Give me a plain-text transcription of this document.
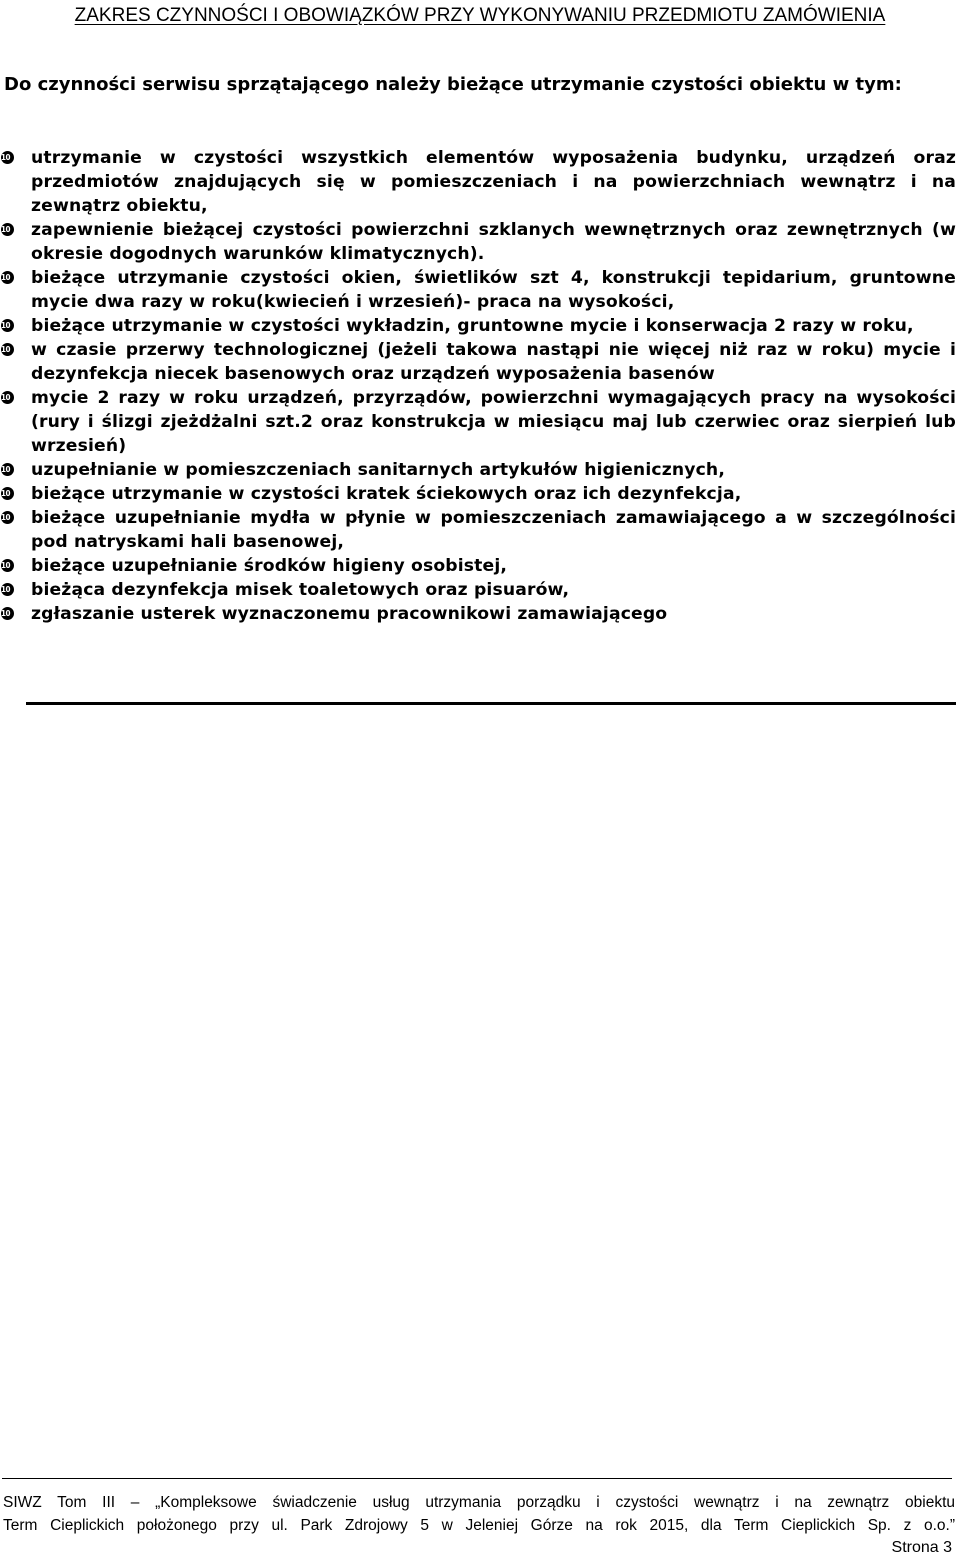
ZAKRES CZYNNOŚCI I OBOWIĄZKÓW PRZY WYKONYWANIU PRZEDMIOTU ZAMÓWIENIA
Do czynności serwisu sprzątającego należy bieżące utrzymanie czystości obiektu w tym:
10 utrzymanie w czystości wszystkich elementów wyposażenia budynku, urządzeń oraz przedmiotów znajdujących się w pomieszczeniach i na powierzchniach wewnątrz i na zewnątrz obiektu,
10 zapewnienie bieżącej czystości powierzchni szklanych wewnętrznych oraz zewnętrznych (w okresie dogodnych warunków klimatycznych).
10 bieżące utrzymanie czystości okien, świetlików szt 4, konstrukcji tepidarium, gruntowne mycie dwa razy w roku(kwiecień i wrzesień)- praca na wysokości,
10 bieżące utrzymanie w czystości wykładzin, gruntowne mycie i konserwacja 2 razy w roku,
10 w czasie przerwy technologicznej (jeżeli takowa nastąpi nie więcej niż raz w roku) mycie i dezynfekcja niecek basenowych oraz urządzeń wyposażenia basenów
10 mycie 2 razy w roku urządzeń, przyrządów, powierzchni wymagających pracy na wysokości (rury i ślizgi zjeżdżalni szt.2 oraz konstrukcja w miesiącu maj lub czerwiec oraz sierpień lub wrzesień)
10 uzupełnianie w pomieszczeniach sanitarnych artykułów higienicznych,
10 bieżące utrzymanie w czystości kratek ściekowych oraz ich dezynfekcja,
10 bieżące uzupełnianie mydła w płynie w pomieszczeniach zamawiającego a w szczególności pod natryskami hali basenowej,
10 bieżące uzupełnianie środków higieny osobistej,
10 bieżąca dezynfekcja misek toaletowych oraz pisuarów,
10 zgłaszanie usterek wyznaczonemu pracownikowi zamawiającego
SIWZ Tom III – „Kompleksowe świadczenie usług utrzymania porządku i czystości wewnątrz i na zewnątrz obiektu
Term Cieplickich położonego przy ul. Park Zdrojowy 5 w Jeleniej Górze na rok 2015, dla Term Cieplickich Sp. z o.o.”
Strona 3
